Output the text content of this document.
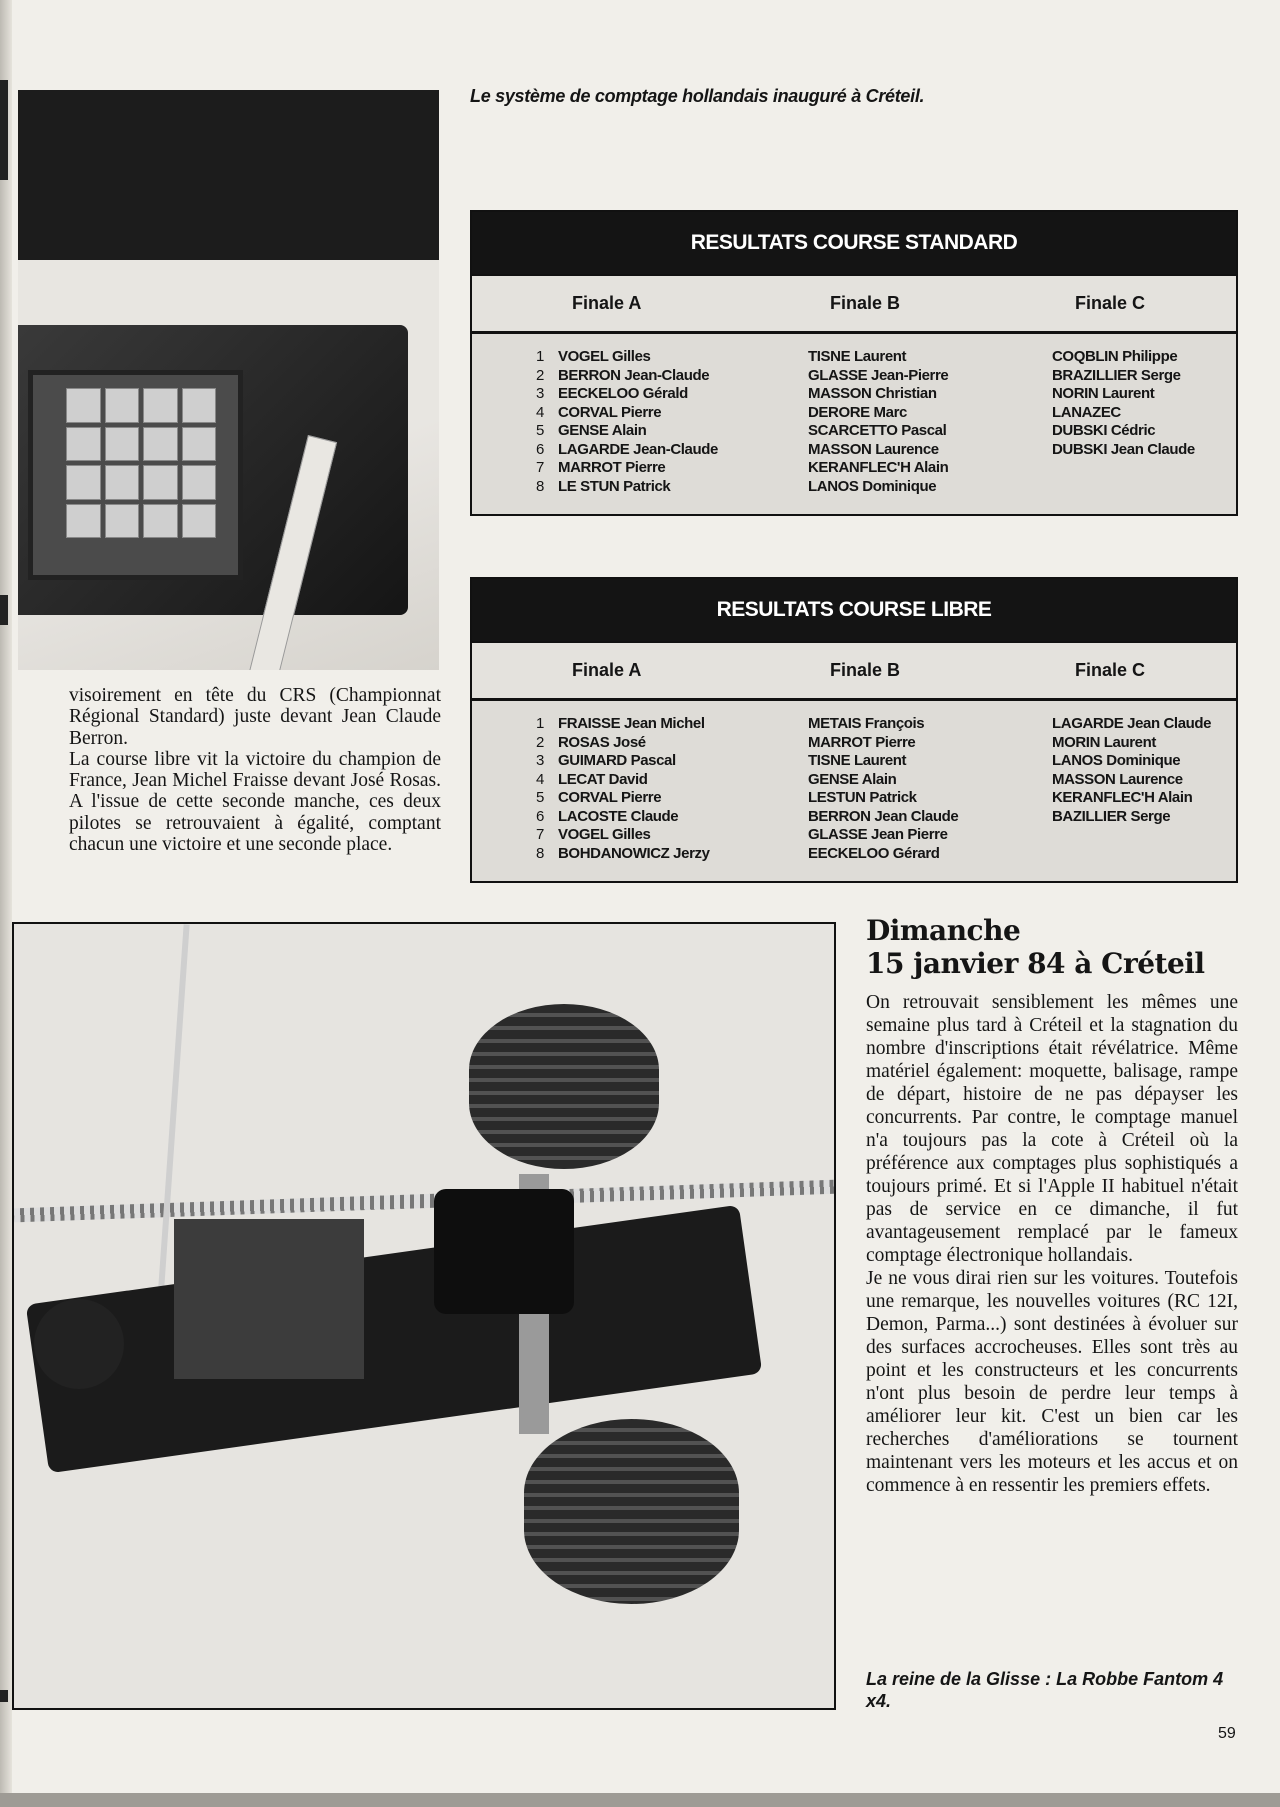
Le système de comptage hollandais inauguré à Créteil.
RESULTATS COURSE STANDARD
Finale A	Finale B	Finale C
1 VOGEL Gilles	TISNE Laurent	COQBLIN Philippe
2 BERRON Jean-Claude	GLASSE Jean-Pierre	BRAZILLIER Serge
3 EECKELOO Gérald	MASSON Christian	NORIN Laurent
4 CORVAL Pierre	DERORE Marc	LANAZEC
5 GENSE Alain	SCARCETTO Pascal	DUBSKI Cédric
6 LAGARDE Jean-Claude	MASSON Laurence	DUBSKI Jean Claude
7 MARROT Pierre	KERANFLEC'H Alain
8 LE STUN Patrick	LANOS Dominique
RESULTATS COURSE LIBRE
Finale A	Finale B	Finale C
1 FRAISSE Jean Michel	METAIS François	LAGARDE Jean Claude
2 ROSAS José	MARROT Pierre	MORIN Laurent
3 GUIMARD Pascal	TISNE Laurent	LANOS Dominique
4 LECAT David	GENSE Alain	MASSON Laurence
5 CORVAL Pierre	LESTUN Patrick	KERANFLEC'H Alain
6 LACOSTE Claude	BERRON Jean Claude	BAZILLIER Serge
7 VOGEL Gilles	GLASSE Jean Pierre
8 BOHDANOWICZ Jerzy	EECKELOO Gérard

visoirement en tête du CRS (Championnat Régional Standard) juste devant Jean Claude Berron.

La course libre vit la victoire du champion de France, Jean Michel Fraisse devant José Rosas. A l'issue de cette seconde manche, ces deux pilotes se retrouvaient à égalité, comptant chacun une victoire et une seconde place.

Dimanche
15 janvier 84 à Créteil

On retrouvait sensiblement les mêmes une semaine plus tard à Créteil et la stagnation du nombre d'inscriptions était révélatrice. Même matériel également: moquette, balisage, rampe de départ, histoire de ne pas dépayser les concurrents. Par contre, le comptage manuel n'a toujours pas la cote à Créteil où la préférence aux comptages plus sophistiqués a toujours primé. Et si l'Apple II habituel n'était pas de service en ce dimanche, il fut avantageusement remplacé par le fameux comptage électronique hollandais.

Je ne vous dirai rien sur les voitures. Toutefois une remarque, les nouvelles voitures (RC 12I, Demon, Parma...) sont destinées à évoluer sur des surfaces accrocheuses. Elles sont très au point et les constructeurs et les concurrents n'ont plus besoin de perdre leur temps à améliorer leur kit. C'est un bien car les recherches d'améliorations se tournent maintenant vers les moteurs et les accus et on commence à en ressentir les premiers effets.

La reine de la Glisse : La Robbe Fantom 4 x4.
59
